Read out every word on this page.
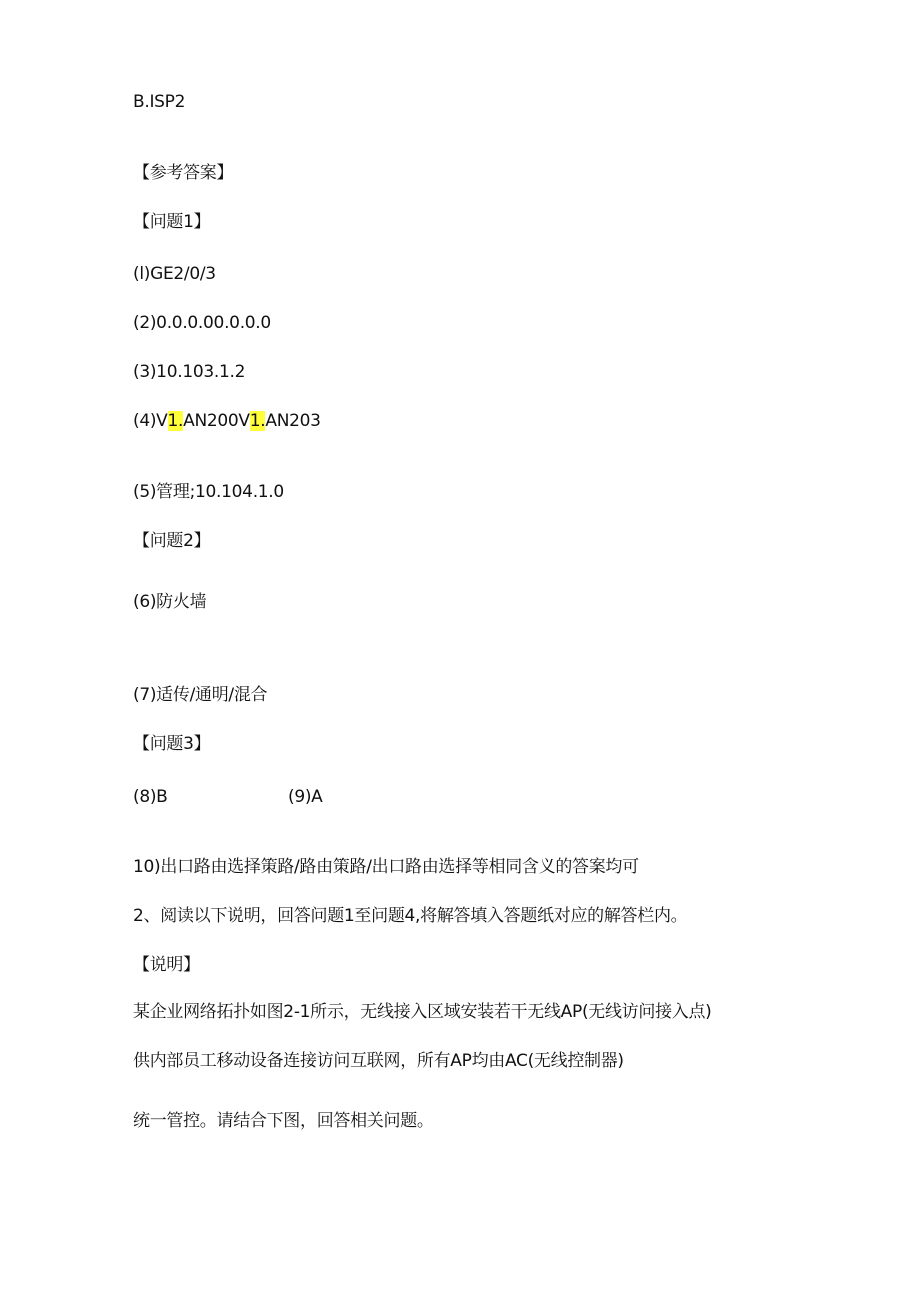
B.ISP2
【参考答案】
【问题1】
(l)GE2/0/3
(2)0.0.0.00.0.0.0
(3)10.103.1.2
(4)V1.AN200V1.AN203
(5)管理;10.104.1.0
【问题2】
(6)防火墙
(7)适传/通明/混合
【问题3】
(8)B	(9)A
10)出口路由选择策路/路由策路/出口路由选择等相同含义的答案均可
2、阅读以下说明，回答问题1至问题4,将解答填入答题纸对应的解答栏内。
【说明】
某企业网络拓扑如图2-1所示，无线接入区域安装若干无线AP(无线访问接入点)
供内部员工移动设备连接访问互联网，所有AP均由AC(无线控制器)
统一管控。请结合下图，回答相关问题。
